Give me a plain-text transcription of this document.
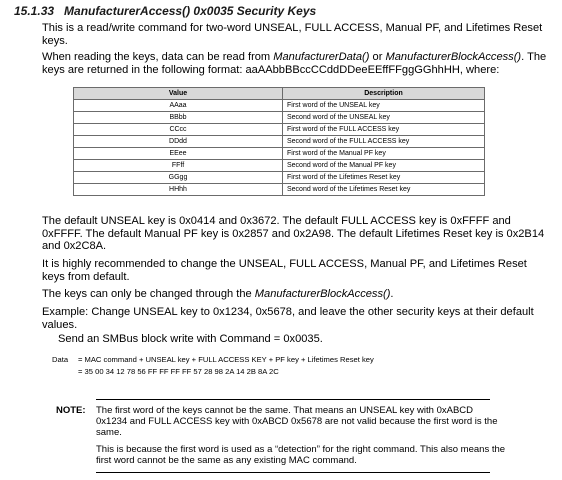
15.1.33 ManufacturerAccess() 0x0035 Security Keys

This is a read/write command for two-word UNSEAL, FULL ACCESS, Manual PF, and Lifetimes Reset keys.

When reading the keys, data can be read from ManufacturerData() or ManufacturerBlockAccess(). The keys are returned in the following format: aaAAbbBBccCCddDDeeEEffFFggGGhhHH, where:

Value	Description
AAaa	First word of the UNSEAL key
BBbb	Second word of the UNSEAL key
CCcc	First word of the FULL ACCESS key
DDdd	Second word of the FULL ACCESS key
EEee	First word of the Manual PF key
FFff	Second word of the Manual PF key
GGgg	First word of the Lifetimes Reset key
HHhh	Second word of the Lifetimes Reset key

The default UNSEAL key is 0x0414 and 0x3672. The default FULL ACCESS key is 0xFFFF and 0xFFFF. The default Manual PF key is 0x2857 and 0x2A98. The default Lifetimes Reset key is 0x2B14 and 0x2C8A.

It is highly recommended to change the UNSEAL, FULL ACCESS, Manual PF, and Lifetimes Reset keys from default.

The keys can only be changed through the ManufacturerBlockAccess().

Example: Change UNSEAL key to 0x1234, 0x5678, and leave the other security keys at their default values.

Send an SMBus block write with Command = 0x0035.

Data = MAC command + UNSEAL key + FULL ACCESS KEY + PF key + Lifetimes Reset key
= 35 00 34 12 78 56 FF FF FF FF 57 28 98 2A 14 2B 8A 2C
NOTE: The first word of the keys cannot be the same. That means an UNSEAL key with 0xABCD 0x1234 and FULL ACCESS key with 0xABCD 0x5678 are not valid because the first word is the same.

This is because the first word is used as a “detection” for the right command. This also means the first word cannot be the same as any existing MAC command.
